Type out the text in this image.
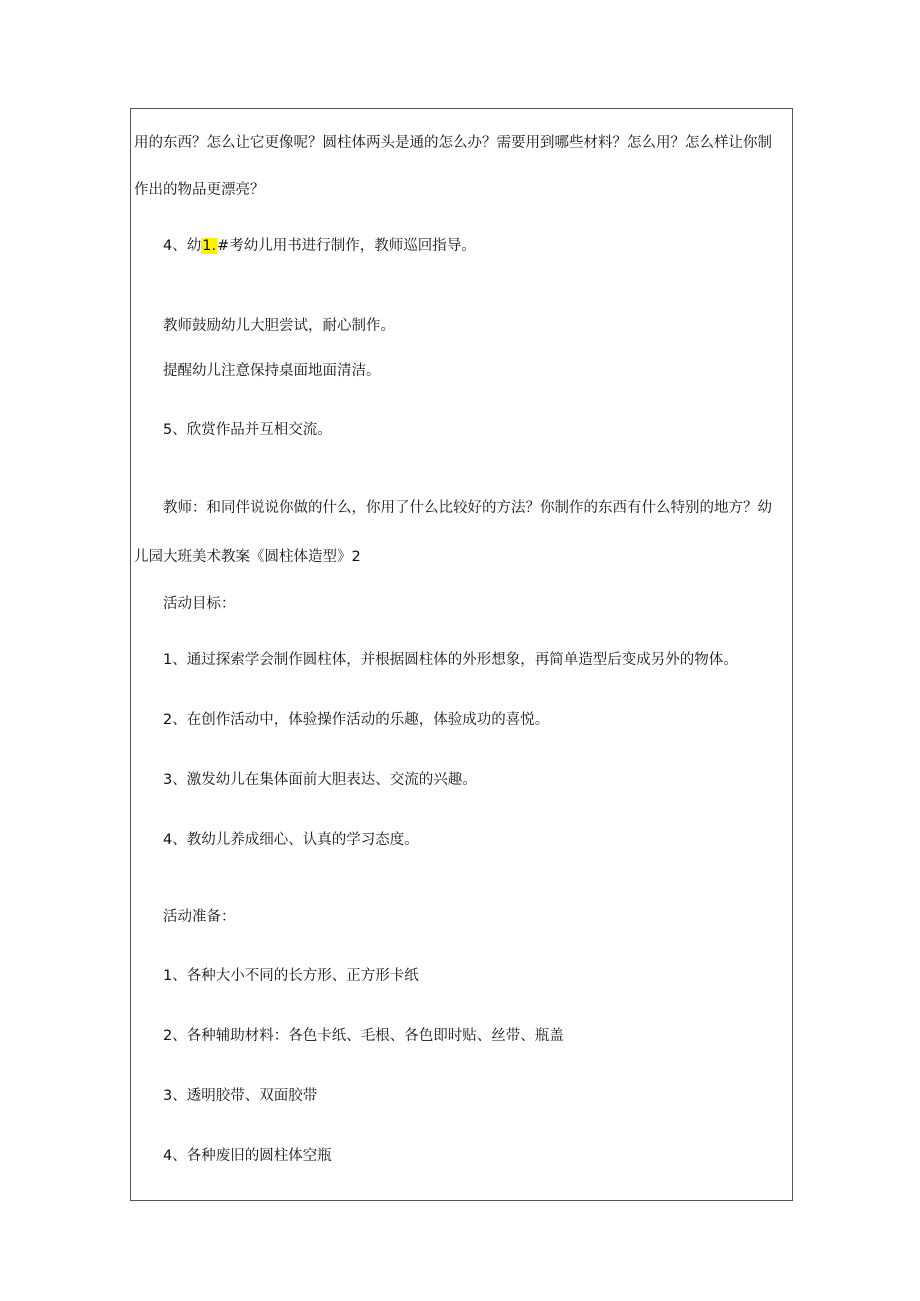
用的东西？怎么让它更像呢？圆柱体两头是通的怎么办？需要用到哪些材料？怎么用？怎么样让你制
作出的物品更漂亮？
4、幼1.#考幼儿用书进行制作，教师巡回指导。
教师鼓励幼儿大胆尝试，耐心制作。
提醒幼儿注意保持桌面地面清洁。
5、欣赏作品并互相交流。
教师：和同伴说说你做的什么，你用了什么比较好的方法？你制作的东西有什么特别的地方？幼
儿园大班美术教案《圆柱体造型》2
活动目标：
1、通过探索学会制作圆柱体，并根据圆柱体的外形想象，再简单造型后变成另外的物体。
2、在创作活动中，体验操作活动的乐趣，体验成功的喜悦。
3、激发幼儿在集体面前大胆表达、交流的兴趣。
4、教幼儿养成细心、认真的学习态度。
活动准备：
1、各种大小不同的长方形、正方形卡纸
2、各种辅助材料：各色卡纸、毛根、各色即时贴、丝带、瓶盖
3、透明胶带、双面胶带
4、各种废旧的圆柱体空瓶
